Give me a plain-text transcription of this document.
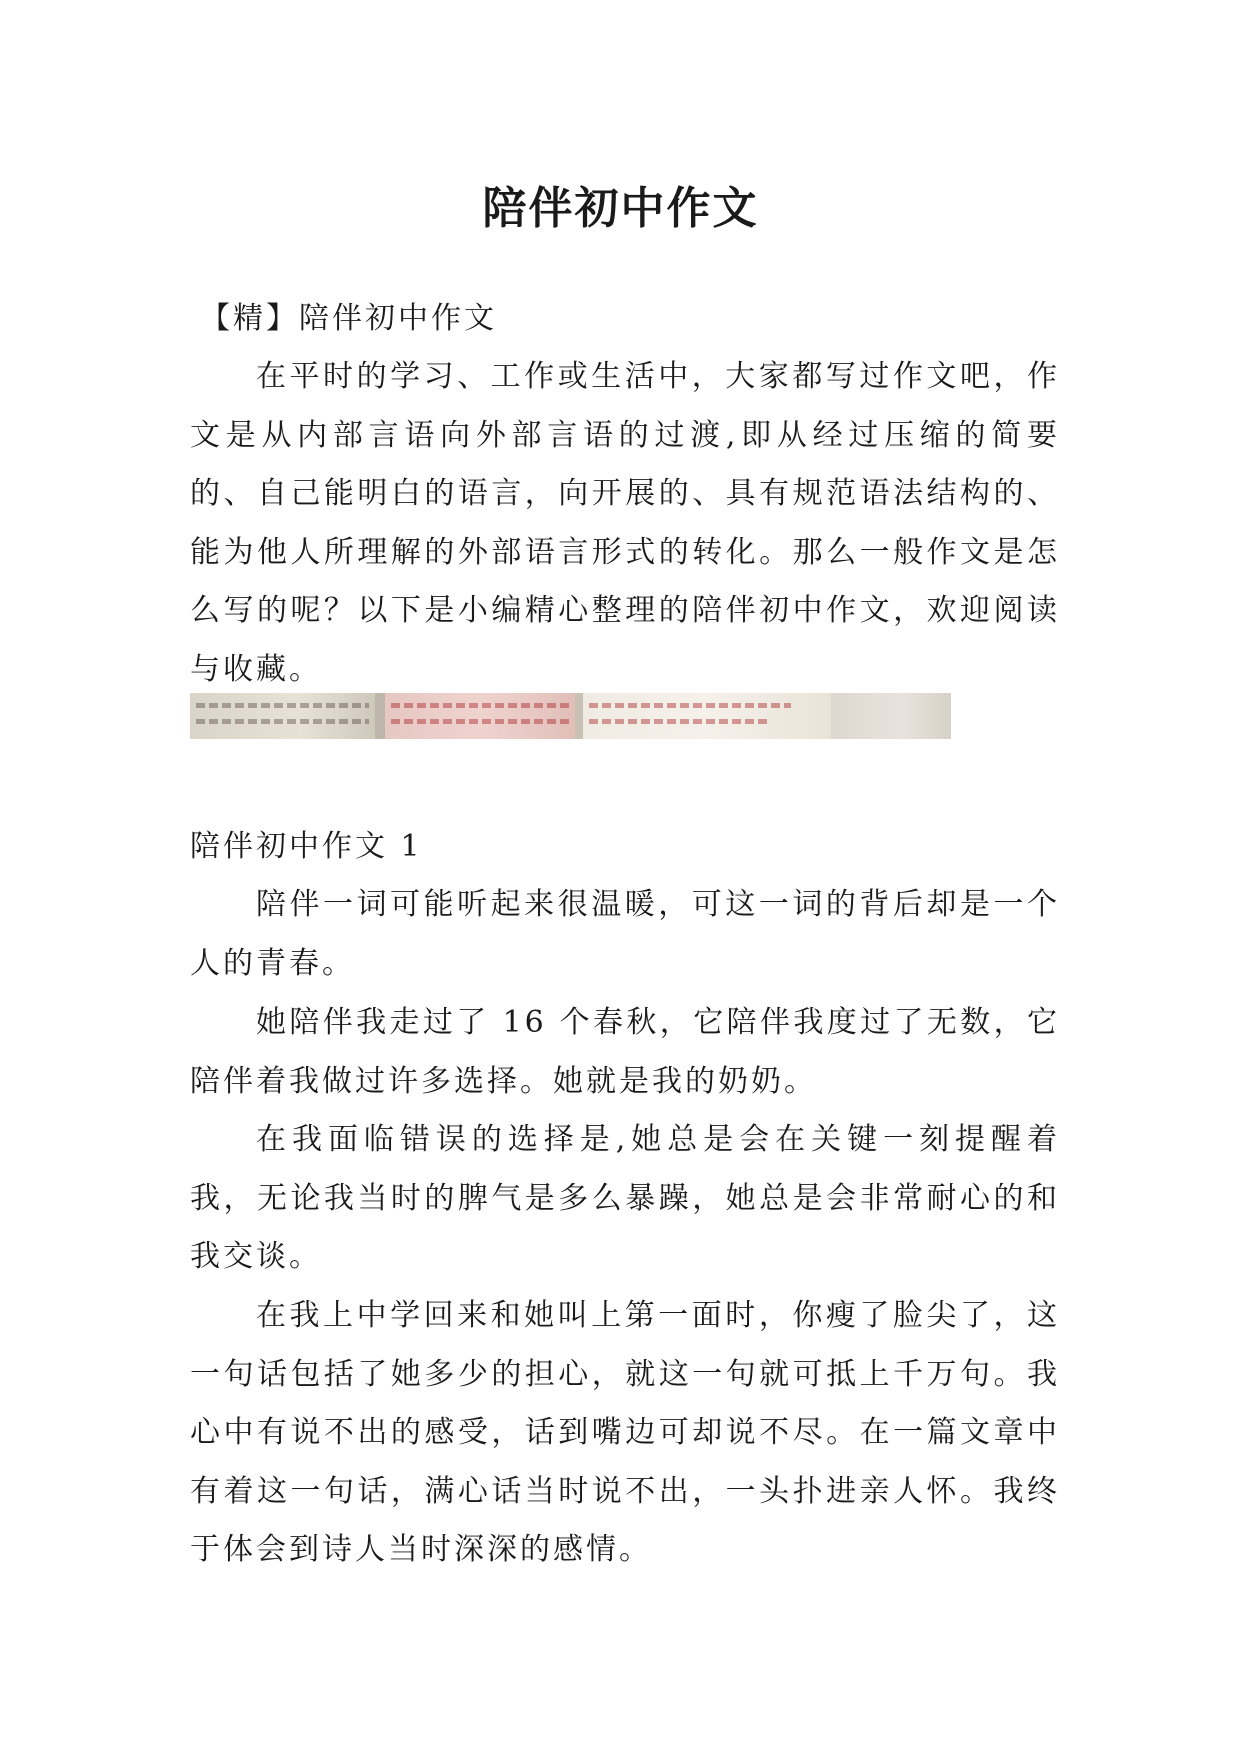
陪伴初中作文

【精】陪伴初中作文

在平时的学习、工作或生活中，大家都写过作文吧，作文是从内部言语向外部言语的过渡,即从经过压缩的简要的、自己能明白的语言，向开展的、具有规范语法结构的、能为他人所理解的外部语言形式的转化。那么一般作文是怎么写的呢？以下是小编精心整理的陪伴初中作文，欢迎阅读与收藏。

陪伴初中作文 1

陪伴一词可能听起来很温暖，可这一词的背后却是一个人的青春。

她陪伴我走过了 16 个春秋，它陪伴我度过了无数，它陪伴着我做过许多选择。她就是我的奶奶。

在我面临错误的选择是,她总是会在关键一刻提醒着我，无论我当时的脾气是多么暴躁，她总是会非常耐心的和我交谈。

在我上中学回来和她叫上第一面时，你瘦了脸尖了，这一句话包括了她多少的担心，就这一句就可抵上千万句。我心中有说不出的感受，话到嘴边可却说不尽。在一篇文章中有着这一句话，满心话当时说不出，一头扑进亲人怀。我终于体会到诗人当时深深的感情。
